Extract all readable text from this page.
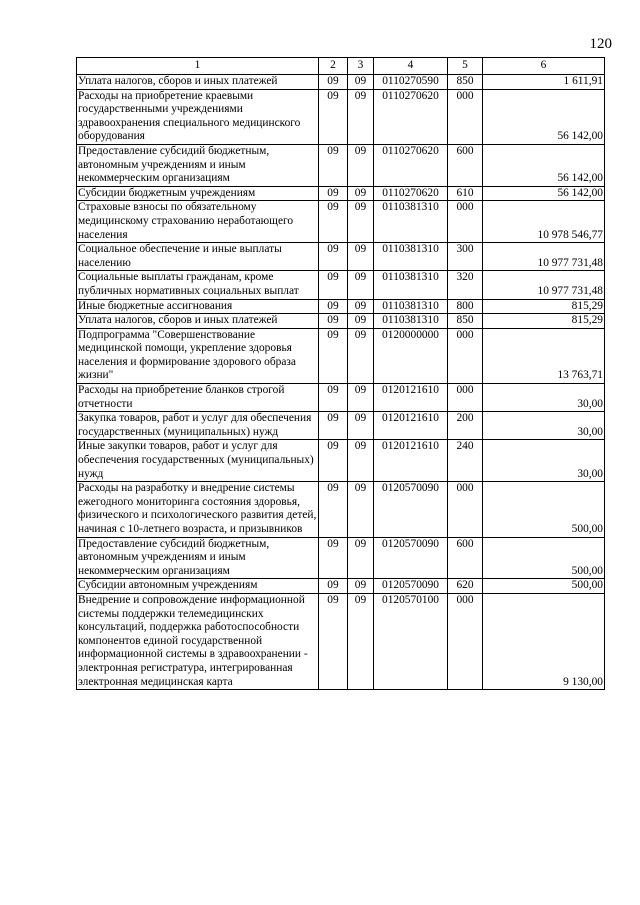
120
1	2	3	4	5	6
Уплата налогов, сборов и иных платежей	09	09	0110270590	850	1 611,91
Расходы на приобретение краевыми государственными учреждениями здравоохранения специального медицинского оборудования	09	09	0110270620	000	56 142,00
Предоставление субсидий бюджетным, автономным учреждениям и иным некоммерческим организациям	09	09	0110270620	600	56 142,00
Субсидии бюджетным учреждениям	09	09	0110270620	610	56 142,00
Страховые взносы по обязательному медицинскому страхованию неработающего населения	09	09	0110381310	000	10 978 546,77
Социальное обеспечение и иные выплаты населению	09	09	0110381310	300	10 977 731,48
Социальные выплаты гражданам, кроме публичных нормативных социальных выплат	09	09	0110381310	320	10 977 731,48
Иные бюджетные ассигнования	09	09	0110381310	800	815,29
Уплата налогов, сборов и иных платежей	09	09	0110381310	850	815,29
Подпрограмма "Совершенствование медицинской помощи, укрепление здоровья населения и формирование здорового образа жизни"	09	09	0120000000	000	13 763,71
Расходы на приобретение бланков строгой отчетности	09	09	0120121610	000	30,00
Закупка товаров, работ и услуг для обеспечения государственных (муниципальных) нужд	09	09	0120121610	200	30,00
Иные закупки товаров, работ и услуг для обеспечения государственных (муниципальных) нужд	09	09	0120121610	240	30,00
Расходы на разработку и внедрение системы ежегодного мониторинга состояния здоровья, физического и психологического развития детей, начиная с 10-летнего возраста, и призывников	09	09	0120570090	000	500,00
Предоставление субсидий бюджетным, автономным учреждениям и иным некоммерческим организациям	09	09	0120570090	600	500,00
Субсидии автономным учреждениям	09	09	0120570090	620	500,00
Внедрение и сопровождение информационной системы поддержки телемедицинских консультаций, поддержка работоспособности компонентов единой государственной информационной системы в здравоохранении - электронная регистратура, интегрированная электронная медицинская карта	09	09	0120570100	000	9 130,00
